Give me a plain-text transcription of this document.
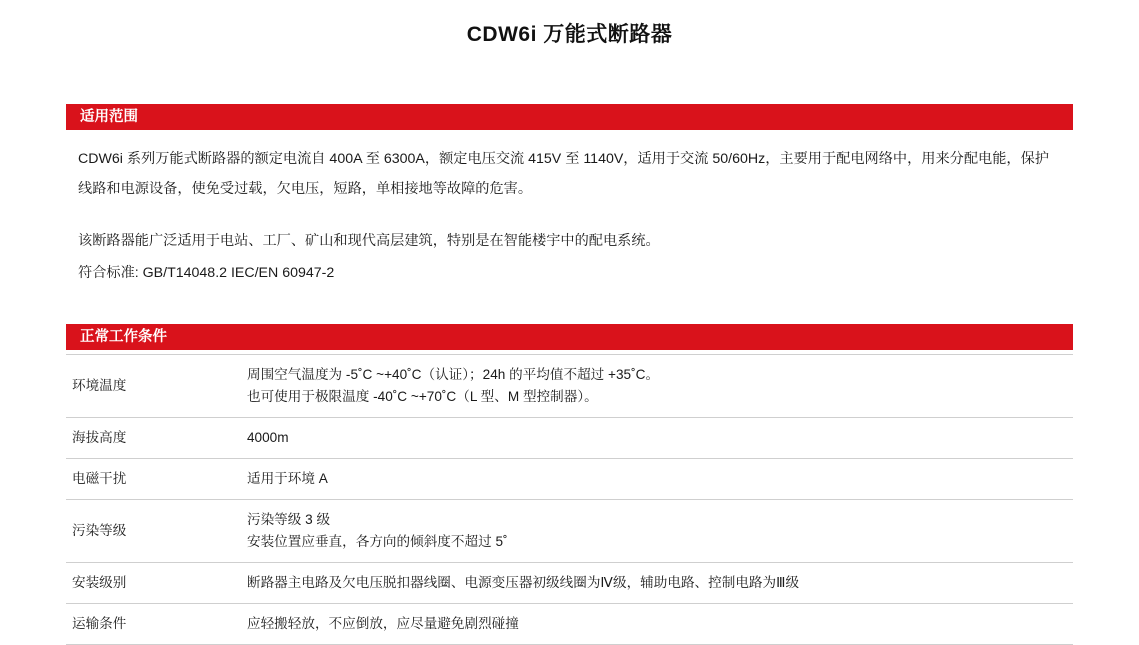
CDW6i 万能式断路器
适用范围

CDW6i 系列万能式断路器的额定电流自 400A 至 6300A，额定电压交流 415V 至 1140V，适用于交流 50/60Hz，主要用于配电网络中，用来分配电能，保护线路和电源设备，使免受过载，欠电压，短路，单相接地等故障的危害。

该断路器能广泛适用于电站、工厂、矿山和现代高层建筑，特别是在智能楼宇中的配电系统。

符合标准: GB/T14048.2 IEC/EN 60947-2

正常工作条件
环境温度	周围空气温度为 -5˚C ~+40˚C（认证）；24h 的平均值不超过 +35˚C。
也可使用于极限温度 -40˚C ~+70˚C（L 型、M 型控制器）。

海拔高度	4000m

电磁干扰	适用于环境 A

污染等级	污染等级 3 级
安装位置应垂直，各方向的倾斜度不超过 5˚

安装级别	断路器主电路及欠电压脱扣器线圈、电源变压器初级线圈为Ⅳ级，辅助电路、控制电路为Ⅲ级

运输条件	应轻搬轻放，不应倒放，应尽量避免剧烈碰撞
